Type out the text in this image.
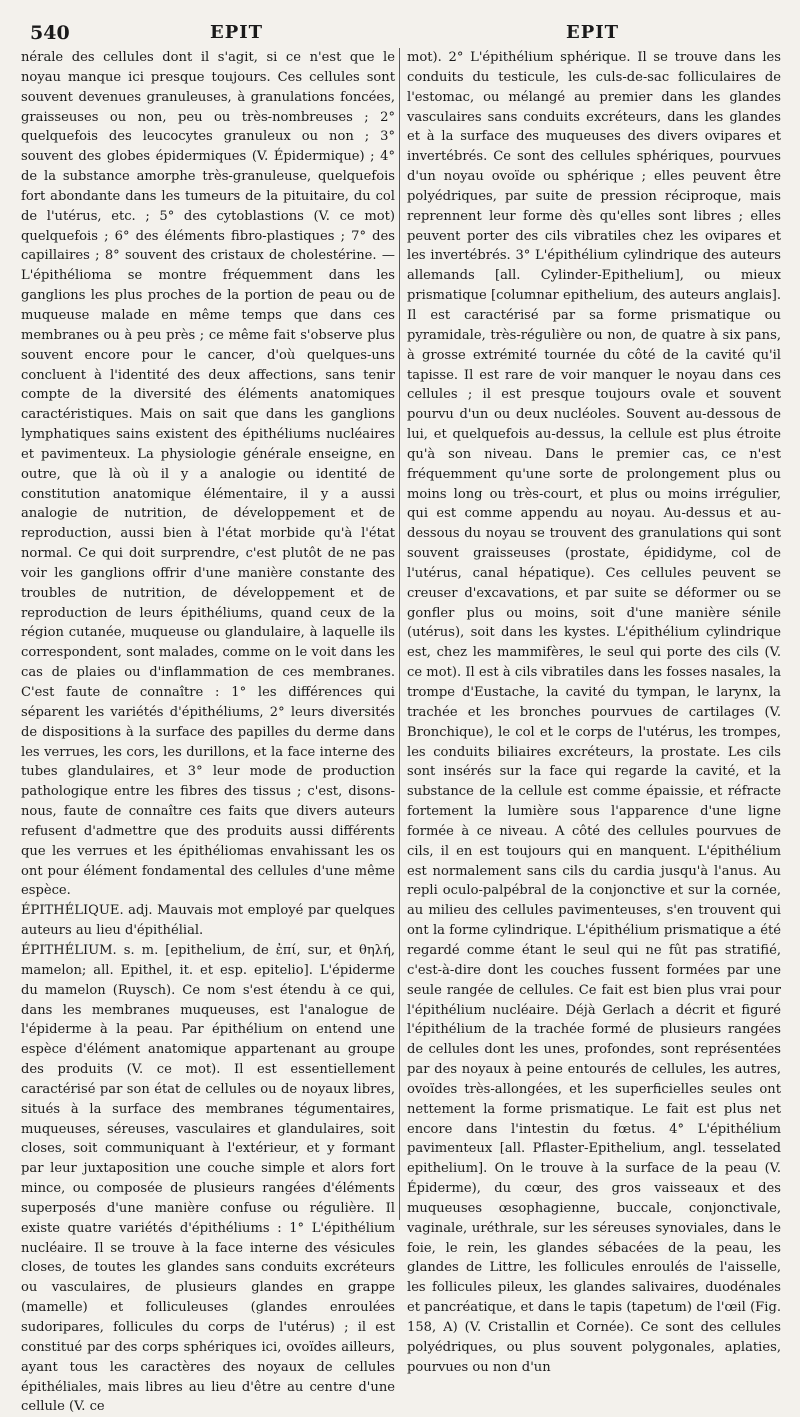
540	EPIT	EPIT

nérale des cellules dont il s'agit, si ce n'est que le noyau manque ici presque toujours. Ces cellules sont souvent devenues granuleuses, à granulations foncées, graisseuses ou non, peu ou très-nombreuses ; 2° quelquefois des leucocytes granuleux ou non ; 3° souvent des globes épidermiques (V. Épidermique) ; 4° de la substance amorphe très-granuleuse, quelquefois fort abondante dans les tumeurs de la pituitaire, du col de l'utérus, etc. ; 5° des cytoblastions (V. ce mot) quelquefois ; 6° des éléments fibro-plastiques ; 7° des capillaires ; 8° souvent des cristaux de cholestérine. — L'épithélioma se montre fréquemment dans les ganglions les plus proches de la portion de peau ou de muqueuse malade en même temps que dans ces membranes ou à peu près ; ce même fait s'observe plus souvent encore pour le cancer, d'où quelques-uns concluent à l'identité des deux affections, sans tenir compte de la diversité des éléments anatomiques caractéristiques. Mais on sait que dans les ganglions lymphatiques sains existent des épithéliums nucléaires et pavimenteux. La physiologie générale enseigne, en outre, que là où il y a analogie ou identité de constitution anatomique élémentaire, il y a aussi analogie de nutrition, de développement et de reproduction, aussi bien à l'état morbide qu'à l'état normal. Ce qui doit surprendre, c'est plutôt de ne pas voir les ganglions offrir d'une manière constante des troubles de nutrition, de développement et de reproduction de leurs épithéliums, quand ceux de la région cutanée, muqueuse ou glandulaire, à laquelle ils correspondent, sont malades, comme on le voit dans les cas de plaies ou d'inflammation de ces membranes. C'est faute de connaître : 1° les différences qui séparent les variétés d'épithéliums, 2° leurs diversités de dispositions à la surface des papilles du derme dans les verrues, les cors, les durillons, et la face interne des tubes glandulaires, et 3° leur mode de production pathologique entre les fibres des tissus ; c'est, disons-nous, faute de connaître ces faits que divers auteurs refusent d'admettre que des produits aussi différents que les verrues et les épithéliomas envahissant les os ont pour élément fondamental des cellules d'une même espèce.

ÉPITHÉLIQUE. adj. Mauvais mot employé par quelques auteurs au lieu d'épithélial.

ÉPITHÉLIUM. s. m. [epithelium, de ἐπί, sur, et θηλή, mamelon; all. Epithel, it. et esp. epitelio]. L'épiderme du mamelon (Ruysch). Ce nom s'est étendu à ce qui, dans les membranes muqueuses, est l'analogue de l'épiderme à la peau. Par épithélium on entend une espèce d'élément anatomique appartenant au groupe des produits (V. ce mot). Il est essentiellement caractérisé par son état de cellules ou de noyaux libres, situés à la surface des membranes tégumentaires, muqueuses, séreuses, vasculaires et glandulaires, soit closes, soit communiquant à l'extérieur, et y formant par leur juxtaposition une couche simple et alors fort mince, ou composée de plusieurs rangées d'éléments superposés d'une manière confuse ou régulière. Il existe quatre variétés d'épithéliums : 1° L'épithélium nucléaire. Il se trouve à la face interne des vésicules closes, de toutes les glandes sans conduits excréteurs ou vasculaires, de plusieurs glandes en grappe (mamelle) et folliculeuses (glandes enroulées sudoripares, follicules du corps de l'utérus) ; il est constitué par des corps sphériques ici, ovoïdes ailleurs, ayant tous les caractères des noyaux de cellules épithéliales, mais libres au lieu d'être au centre d'une cellule (V. ce

mot). 2° L'épithélium sphérique. Il se trouve dans les conduits du testicule, les culs-de-sac folliculaires de l'estomac, ou mélangé au premier dans les glandes vasculaires sans conduits excréteurs, dans les glandes et à la surface des muqueuses des divers ovipares et invertébrés. Ce sont des cellules sphériques, pourvues d'un noyau ovoïde ou sphérique ; elles peuvent être polyédriques, par suite de pression réciproque, mais reprennent leur forme dès qu'elles sont libres ; elles peuvent porter des cils vibratiles chez les ovipares et les invertébrés. 3° L'épithélium cylindrique des auteurs allemands [all. Cylinder-Epithelium], ou mieux prismatique [columnar epithelium, des auteurs anglais]. Il est caractérisé par sa forme prismatique ou pyramidale, très-régulière ou non, de quatre à six pans, à grosse extrémité tournée du côté de la cavité qu'il tapisse. Il est rare de voir manquer le noyau dans ces cellules ; il est presque toujours ovale et souvent pourvu d'un ou deux nucléoles. Souvent au-dessous de lui, et quelquefois au-dessus, la cellule est plus étroite qu'à son niveau. Dans le premier cas, ce n'est fréquemment qu'une sorte de prolongement plus ou moins long ou très-court, et plus ou moins irrégulier, qui est comme appendu au noyau. Au-dessus et au-dessous du noyau se trouvent des granulations qui sont souvent graisseuses (prostate, épididyme, col de l'utérus, canal hépatique). Ces cellules peuvent se creuser d'excavations, et par suite se déformer ou se gonfler plus ou moins, soit d'une manière sénile (utérus), soit dans les kystes. L'épithélium cylindrique est, chez les mammifères, le seul qui porte des cils (V. ce mot). Il est à cils vibratiles dans les fosses nasales, la trompe d'Eustache, la cavité du tympan, le larynx, la trachée et les bronches pourvues de cartilages (V. Bronchique), le col et le corps de l'utérus, les trompes, les conduits biliaires excréteurs, la prostate. Les cils sont insérés sur la face qui regarde la cavité, et la substance de la cellule est comme épaissie, et réfracte fortement la lumière sous l'apparence d'une ligne formée à ce niveau. A côté des cellules pourvues de cils, il en est toujours qui en manquent. L'épithélium est normalement sans cils du cardia jusqu'à l'anus. Au repli oculo-palpébral de la conjonctive et sur la cornée, au milieu des cellules pavimenteuses, s'en trouvent qui ont la forme cylindrique. L'épithélium prismatique a été regardé comme étant le seul qui ne fût pas stratifié, c'est-à-dire dont les couches fussent formées par une seule rangée de cellules. Ce fait est bien plus vrai pour l'épithélium nucléaire. Déjà Gerlach a décrit et figuré l'épithélium de la trachée formé de plusieurs rangées de cellules dont les unes, profondes, sont représentées par des noyaux à peine entourés de cellules, les autres, ovoïdes très-allongées, et les superficielles seules ont nettement la forme prismatique. Le fait est plus net encore dans l'intestin du fœtus. 4° L'épithélium pavimenteux [all. Pflaster-Epithelium, angl. tesselated epithelium]. On le trouve à la surface de la peau (V. Épiderme), du cœur, des gros vaisseaux et des muqueuses œsophagienne, buccale, conjonctivale, vaginale, uréthrale, sur les séreuses synoviales, dans le foie, le rein, les glandes sébacées de la peau, les glandes de Littre, les follicules enroulés de l'aisselle, les follicules pileux, les glandes salivaires, duodénales et pancréatique, et dans le tapis (tapetum) de l'œil (Fig. 158, A) (V. Cristallin et Cornée). Ce sont des cellules polyédriques, ou plus souvent polygonales, aplaties, pourvues ou non d'un
